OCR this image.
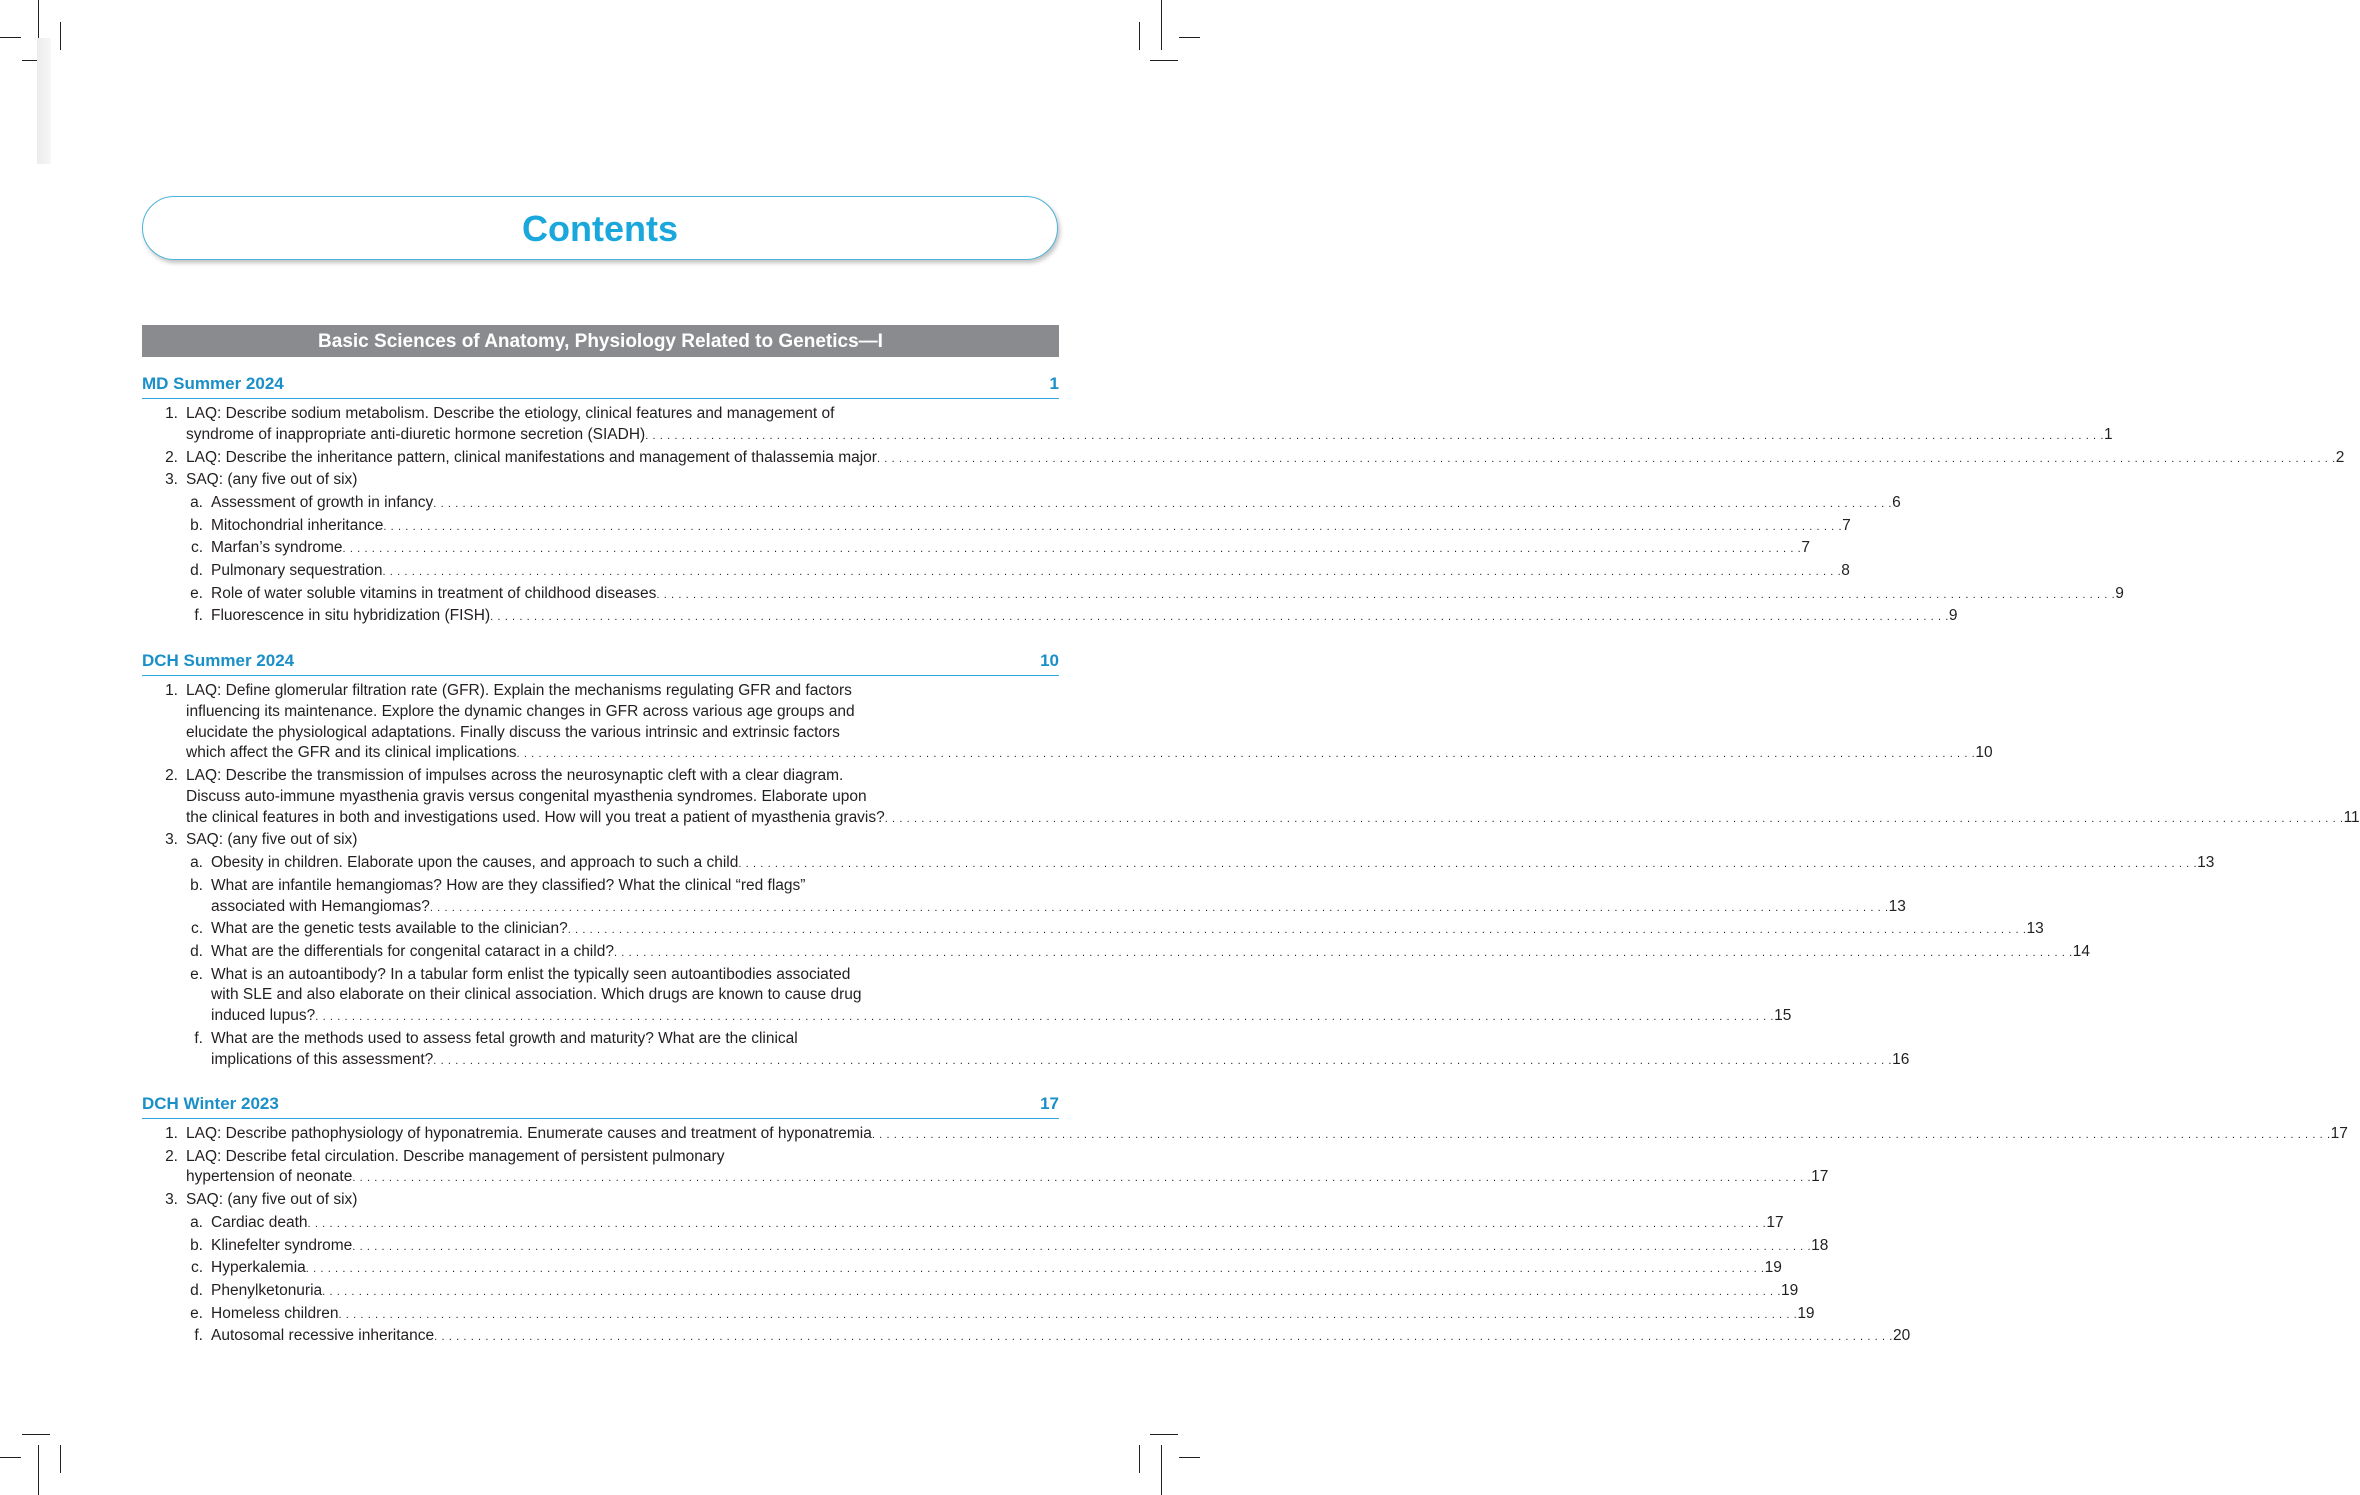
Contents
Basic Sciences of Anatomy, Physiology Related to Genetics—I
MD Summer 2024	1
1. LAQ: Describe sodium metabolism. Describe the etiology, clinical features and management of
syndrome of inappropriate anti-diuretic hormone secretion (SIADH) . . . . . . . . . . . . . . . . . . . . . . . . . . . . . . . . . . . . . . . . . . . . . . . . . . . . . . . . . . . . . . . . . . . . . . . . . . . . . . . . . . . . . . . . . . . . . . . . . . . . . . . . . . . . . . . . . . . . . . . . . . . . . . . . . . . . . . . . . . . . . . . . . . . . . . . . . . . . . . . . . . . . . . . . . . . . . . . . . . . . . . . . . . . . . . . . . . . . . . . . 1
2. LAQ: Describe the inheritance pattern, clinical manifestations and management of thalassemia major . . . . . . . . . . . . . . . . . . . . . . . . . . . . . . . . . . . . . . . . . . . . . . . . . . . . . . . . . . . . . . . . . . . . . . . . . . . . . . . . . . . . . . . . . . . . . . . . . . . . . . . . . . . . . . . . . . . . . . . . . . . . . . . . . . . . . . . . . . . . . . . . . . . . . . . . . . . . . . . . . . . . . . . . . . . . . . . . . . . . . . . . . . . . . . . . . . . . . . . . 2
3. SAQ: (any five out of six)
a. Assessment of growth in infancy . . . . . . . . . . . . . . . . . . . . . . . . . . . . . . . . . . . . . . . . . . . . . . . . . . . . . . . . . . . . . . . . . . . . . . . . . . . . . . . . . . . . . . . . . . . . . . . . . . . . . . . . . . . . . . . . . . . . . . . . . . . . . . . . . . . . . . . . . . . . . . . . . . . . . . . . . . . . . . . . . . . . . . . . . . . . . . . . . . . . . . . . . . . . . . . . . . . . . . . . 6
b. Mitochondrial inheritance . . . . . . . . . . . . . . . . . . . . . . . . . . . . . . . . . . . . . . . . . . . . . . . . . . . . . . . . . . . . . . . . . . . . . . . . . . . . . . . . . . . . . . . . . . . . . . . . . . . . . . . . . . . . . . . . . . . . . . . . . . . . . . . . . . . . . . . . . . . . . . . . . . . . . . . . . . . . . . . . . . . . . . . . . . . . . . . . . . . . . . . . . . . . . . . . . . . . . . . . 7
c. Marfan’s syndrome . . . . . . . . . . . . . . . . . . . . . . . . . . . . . . . . . . . . . . . . . . . . . . . . . . . . . . . . . . . . . . . . . . . . . . . . . . . . . . . . . . . . . . . . . . . . . . . . . . . . . . . . . . . . . . . . . . . . . . . . . . . . . . . . . . . . . . . . . . . . . . . . . . . . . . . . . . . . . . . . . . . . . . . . . . . . . . . . . . . . . . . . . . . . . . . . . . . . . . . . 7
d. Pulmonary sequestration . . . . . . . . . . . . . . . . . . . . . . . . . . . . . . . . . . . . . . . . . . . . . . . . . . . . . . . . . . . . . . . . . . . . . . . . . . . . . . . . . . . . . . . . . . . . . . . . . . . . . . . . . . . . . . . . . . . . . . . . . . . . . . . . . . . . . . . . . . . . . . . . . . . . . . . . . . . . . . . . . . . . . . . . . . . . . . . . . . . . . . . . . . . . . . . . . . . . . . . . 8
e. Role of water soluble vitamins in treatment of childhood diseases . . . . . . . . . . . . . . . . . . . . . . . . . . . . . . . . . . . . . . . . . . . . . . . . . . . . . . . . . . . . . . . . . . . . . . . . . . . . . . . . . . . . . . . . . . . . . . . . . . . . . . . . . . . . . . . . . . . . . . . . . . . . . . . . . . . . . . . . . . . . . . . . . . . . . . . . . . . . . . . . . . . . . . . . . . . . . . . . . . . . . . . . . . . . . . . . . . . . . . . . 9
f. Fluorescence in situ hybridization (FISH) . . . . . . . . . . . . . . . . . . . . . . . . . . . . . . . . . . . . . . . . . . . . . . . . . . . . . . . . . . . . . . . . . . . . . . . . . . . . . . . . . . . . . . . . . . . . . . . . . . . . . . . . . . . . . . . . . . . . . . . . . . . . . . . . . . . . . . . . . . . . . . . . . . . . . . . . . . . . . . . . . . . . . . . . . . . . . . . . . . . . . . . . . . . . . . . . . . . . . . . . 9
DCH Summer 2024	10
1. LAQ: Define glomerular filtration rate (GFR). Explain the mechanisms regulating GFR and factors
influencing its maintenance. Explore the dynamic changes in GFR across various age groups and
elucidate the physiological adaptations. Finally discuss the various intrinsic and extrinsic factors
which affect the GFR and its clinical implications . . . . . . . . . . . . . . . . . . . . . . . . . . . . . . . . . . . . . . . . . . . . . . . . . . . . . . . . . . . . . . . . . . . . . . . . . . . . . . . . . . . . . . . . . . . . . . . . . . . . . . . . . . . . . . . . . . . . . . . . . . . . . . . . . . . . . . . . . . . . . . . . . . . . . . . . . . . . . . . . . . . . . . . . . . . . . . . . . . . . . . . . . . . . . . . . . . . . . . . . 10
2. LAQ: Describe the transmission of impulses across the neurosynaptic cleft with a clear diagram.
Discuss auto-immune myasthenia gravis versus congenital myasthenia syndromes. Elaborate upon
the clinical features in both and investigations used. How will you treat a patient of myasthenia gravis? . . . . . . . . . . . . . . . . . . . . . . . . . . . . . . . . . . . . . . . . . . . . . . . . . . . . . . . . . . . . . . . . . . . . . . . . . . . . . . . . . . . . . . . . . . . . . . . . . . . . . . . . . . . . . . . . . . . . . . . . . . . . . . . . . . . . . . . . . . . . . . . . . . . . . . . . . . . . . . . . . . . . . . . . . . . . . . . . . . . . . . . . . . . . . . . . . . . . . . . . 11
3. SAQ: (any five out of six)
a. Obesity in children. Elaborate upon the causes, and approach to such a child . . . . . . . . . . . . . . . . . . . . . . . . . . . . . . . . . . . . . . . . . . . . . . . . . . . . . . . . . . . . . . . . . . . . . . . . . . . . . . . . . . . . . . . . . . . . . . . . . . . . . . . . . . . . . . . . . . . . . . . . . . . . . . . . . . . . . . . . . . . . . . . . . . . . . . . . . . . . . . . . . . . . . . . . . . . . . . . . . . . . . . . . . . . . . . . . . . . . . . . . 13
b. What are infantile hemangiomas? How are they classified? What the clinical “red flags”
associated with Hemangiomas? . . . . . . . . . . . . . . . . . . . . . . . . . . . . . . . . . . . . . . . . . . . . . . . . . . . . . . . . . . . . . . . . . . . . . . . . . . . . . . . . . . . . . . . . . . . . . . . . . . . . . . . . . . . . . . . . . . . . . . . . . . . . . . . . . . . . . . . . . . . . . . . . . . . . . . . . . . . . . . . . . . . . . . . . . . . . . . . . . . . . . . . . . . . . . . . . . . . . . . . . 13
c. What are the genetic tests available to the clinician? . . . . . . . . . . . . . . . . . . . . . . . . . . . . . . . . . . . . . . . . . . . . . . . . . . . . . . . . . . . . . . . . . . . . . . . . . . . . . . . . . . . . . . . . . . . . . . . . . . . . . . . . . . . . . . . . . . . . . . . . . . . . . . . . . . . . . . . . . . . . . . . . . . . . . . . . . . . . . . . . . . . . . . . . . . . . . . . . . . . . . . . . . . . . . . . . . . . . . . . . 13
d. What are the differentials for congenital cataract in a child? . . . . . . . . . . . . . . . . . . . . . . . . . . . . . . . . . . . . . . . . . . . . . . . . . . . . . . . . . . . . . . . . . . . . . . . . . . . . . . . . . . . . . . . . . . . . . . . . . . . . . . . . . . . . . . . . . . . . . . . . . . . . . . . . . . . . . . . . . . . . . . . . . . . . . . . . . . . . . . . . . . . . . . . . . . . . . . . . . . . . . . . . . . . . . . . . . . . . . . . . 14
e. What is an autoantibody? In a tabular form enlist the typically seen autoantibodies associated
with SLE and also elaborate on their clinical association. Which drugs are known to cause drug
induced lupus? . . . . . . . . . . . . . . . . . . . . . . . . . . . . . . . . . . . . . . . . . . . . . . . . . . . . . . . . . . . . . . . . . . . . . . . . . . . . . . . . . . . . . . . . . . . . . . . . . . . . . . . . . . . . . . . . . . . . . . . . . . . . . . . . . . . . . . . . . . . . . . . . . . . . . . . . . . . . . . . . . . . . . . . . . . . . . . . . . . . . . . . . . . . . . . . . . . . . . . . . 15
f. What are the methods used to assess fetal growth and maturity? What are the clinical
implications of this assessment? . . . . . . . . . . . . . . . . . . . . . . . . . . . . . . . . . . . . . . . . . . . . . . . . . . . . . . . . . . . . . . . . . . . . . . . . . . . . . . . . . . . . . . . . . . . . . . . . . . . . . . . . . . . . . . . . . . . . . . . . . . . . . . . . . . . . . . . . . . . . . . . . . . . . . . . . . . . . . . . . . . . . . . . . . . . . . . . . . . . . . . . . . . . . . . . . . . . . . . . . 16
DCH Winter 2023	17
1. LAQ: Describe pathophysiology of hyponatremia. Enumerate causes and treatment of hyponatremia . . . . . . . . . . . . . . . . . . . . . . . . . . . . . . . . . . . . . . . . . . . . . . . . . . . . . . . . . . . . . . . . . . . . . . . . . . . . . . . . . . . . . . . . . . . . . . . . . . . . . . . . . . . . . . . . . . . . . . . . . . . . . . . . . . . . . . . . . . . . . . . . . . . . . . . . . . . . . . . . . . . . . . . . . . . . . . . . . . . . . . . . . . . . . . . . . . . . . . . . 17
2. LAQ: Describe fetal circulation. Describe management of persistent pulmonary
hypertension of neonate . . . . . . . . . . . . . . . . . . . . . . . . . . . . . . . . . . . . . . . . . . . . . . . . . . . . . . . . . . . . . . . . . . . . . . . . . . . . . . . . . . . . . . . . . . . . . . . . . . . . . . . . . . . . . . . . . . . . . . . . . . . . . . . . . . . . . . . . . . . . . . . . . . . . . . . . . . . . . . . . . . . . . . . . . . . . . . . . . . . . . . . . . . . . . . . . . . . . . . . . 17
3. SAQ: (any five out of six)
a. Cardiac death . . . . . . . . . . . . . . . . . . . . . . . . . . . . . . . . . . . . . . . . . . . . . . . . . . . . . . . . . . . . . . . . . . . . . . . . . . . . . . . . . . . . . . . . . . . . . . . . . . . . . . . . . . . . . . . . . . . . . . . . . . . . . . . . . . . . . . . . . . . . . . . . . . . . . . . . . . . . . . . . . . . . . . . . . . . . . . . . . . . . . . . . . . . . . . . . . . . . . . . . 17
b. Klinefelter syndrome . . . . . . . . . . . . . . . . . . . . . . . . . . . . . . . . . . . . . . . . . . . . . . . . . . . . . . . . . . . . . . . . . . . . . . . . . . . . . . . . . . . . . . . . . . . . . . . . . . . . . . . . . . . . . . . . . . . . . . . . . . . . . . . . . . . . . . . . . . . . . . . . . . . . . . . . . . . . . . . . . . . . . . . . . . . . . . . . . . . . . . . . . . . . . . . . . . . . . . . . 18
c. Hyperkalemia . . . . . . . . . . . . . . . . . . . . . . . . . . . . . . . . . . . . . . . . . . . . . . . . . . . . . . . . . . . . . . . . . . . . . . . . . . . . . . . . . . . . . . . . . . . . . . . . . . . . . . . . . . . . . . . . . . . . . . . . . . . . . . . . . . . . . . . . . . . . . . . . . . . . . . . . . . . . . . . . . . . . . . . . . . . . . . . . . . . . . . . . . . . . . . . . . . . . . . . . 19
d. Phenylketonuria . . . . . . . . . . . . . . . . . . . . . . . . . . . . . . . . . . . . . . . . . . . . . . . . . . . . . . . . . . . . . . . . . . . . . . . . . . . . . . . . . . . . . . . . . . . . . . . . . . . . . . . . . . . . . . . . . . . . . . . . . . . . . . . . . . . . . . . . . . . . . . . . . . . . . . . . . . . . . . . . . . . . . . . . . . . . . . . . . . . . . . . . . . . . . . . . . . . . . . . . 19
e. Homeless children . . . . . . . . . . . . . . . . . . . . . . . . . . . . . . . . . . . . . . . . . . . . . . . . . . . . . . . . . . . . . . . . . . . . . . . . . . . . . . . . . . . . . . . . . . . . . . . . . . . . . . . . . . . . . . . . . . . . . . . . . . . . . . . . . . . . . . . . . . . . . . . . . . . . . . . . . . . . . . . . . . . . . . . . . . . . . . . . . . . . . . . . . . . . . . . . . . . . . . . . 19
f. Autosomal recessive inheritance . . . . . . . . . . . . . . . . . . . . . . . . . . . . . . . . . . . . . . . . . . . . . . . . . . . . . . . . . . . . . . . . . . . . . . . . . . . . . . . . . . . . . . . . . . . . . . . . . . . . . . . . . . . . . . . . . . . . . . . . . . . . . . . . . . . . . . . . . . . . . . . . . . . . . . . . . . . . . . . . . . . . . . . . . . . . . . . . . . . . . . . . . . . . . . . . . . . . . . . . 20
